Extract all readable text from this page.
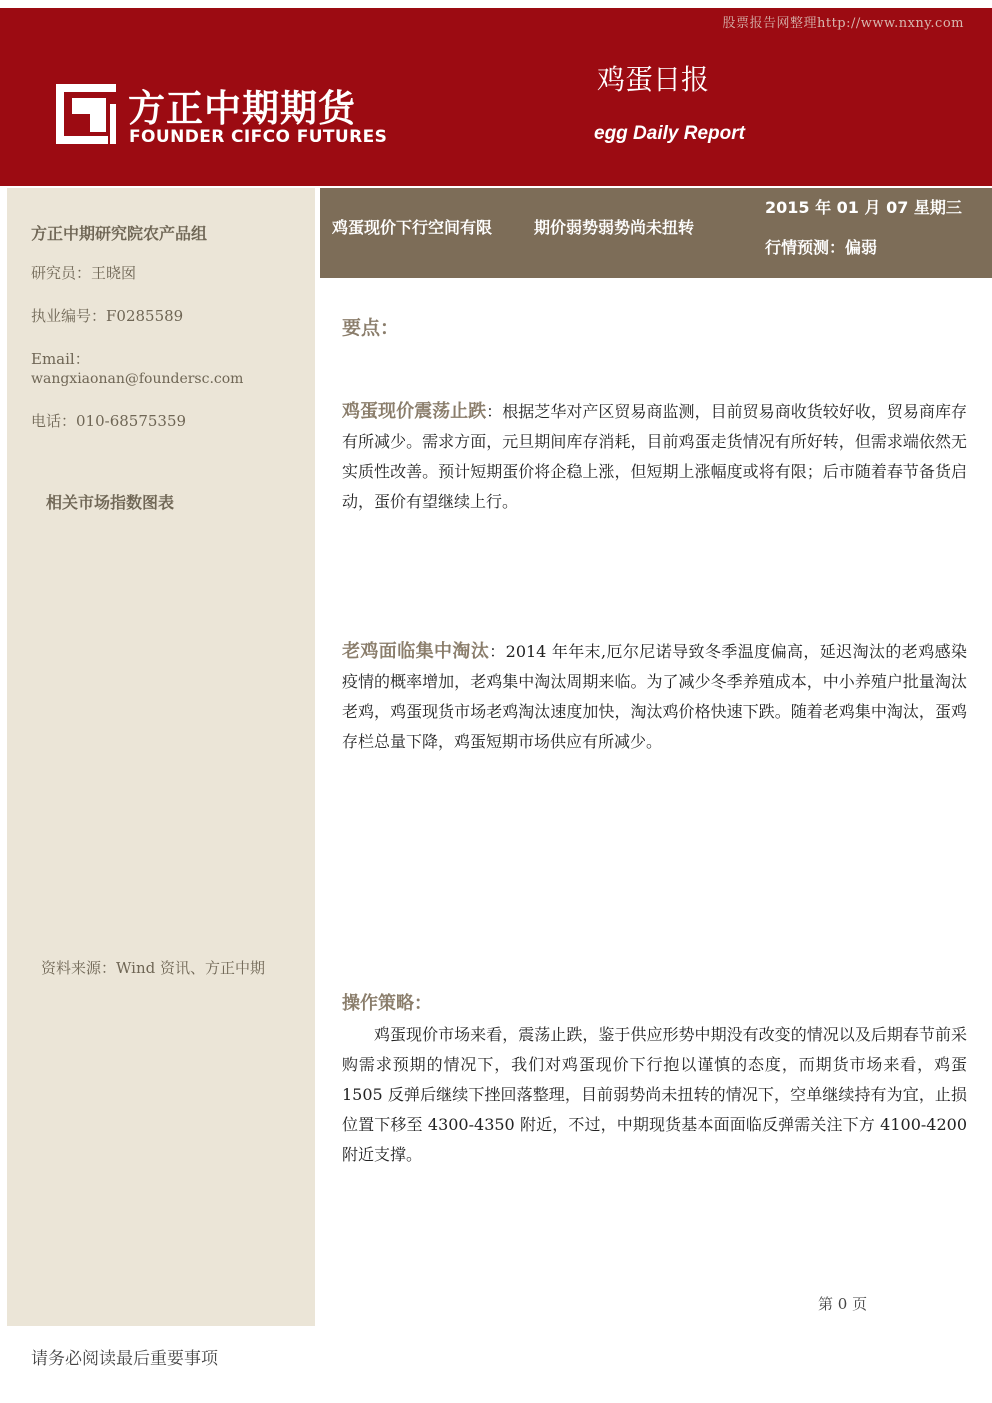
股票报告网整理http://www.nxny.com
方正中期期货
FOUNDER CIFCO FUTURES
鸡蛋日报
egg Daily Report
方正中期研究院农产品组
研究员：王晓囡
执业编号：F0285589
Email：
wangxiaonan@foundersc.com
电话：010-68575359
相关市场指数图表
资料来源：Wind 资讯、方正中期
鸡蛋现价下行空间有限	期价弱势弱势尚未扭转
2015 年 01 月 07 星期三
行情预测：偏弱
要点：
鸡蛋现价震荡止跌：根据芝华对产区贸易商监测，目前贸易商收货较好收，贸易商库存有所减少。需求方面，元旦期间库存消耗，目前鸡蛋走货情况有所好转，但需求端依然无实质性改善。预计短期蛋价将企稳上涨，但短期上涨幅度或将有限；后市随着春节备货启动，蛋价有望继续上行。
老鸡面临集中淘汰：2014 年年末,厄尔尼诺导致冬季温度偏高，延迟淘汰的老鸡感染疫情的概率增加，老鸡集中淘汰周期来临。为了减少冬季养殖成本，中小养殖户批量淘汰老鸡，鸡蛋现货市场老鸡淘汰速度加快，淘汰鸡价格快速下跌。随着老鸡集中淘汰，蛋鸡存栏总量下降，鸡蛋短期市场供应有所减少。
操作策略：
鸡蛋现价市场来看，震荡止跌，鉴于供应形势中期没有改变的情况以及后期春节前采购需求预期的情况下，我们对鸡蛋现价下行抱以谨慎的态度，而期货市场来看，鸡蛋 1505 反弹后继续下挫回落整理，目前弱势尚未扭转的情况下，空单继续持有为宜，止损位置下移至 4300-4350 附近，不过，中期现货基本面面临反弹需关注下方 4100-4200 附近支撑。
第 0 页
请务必阅读最后重要事项
